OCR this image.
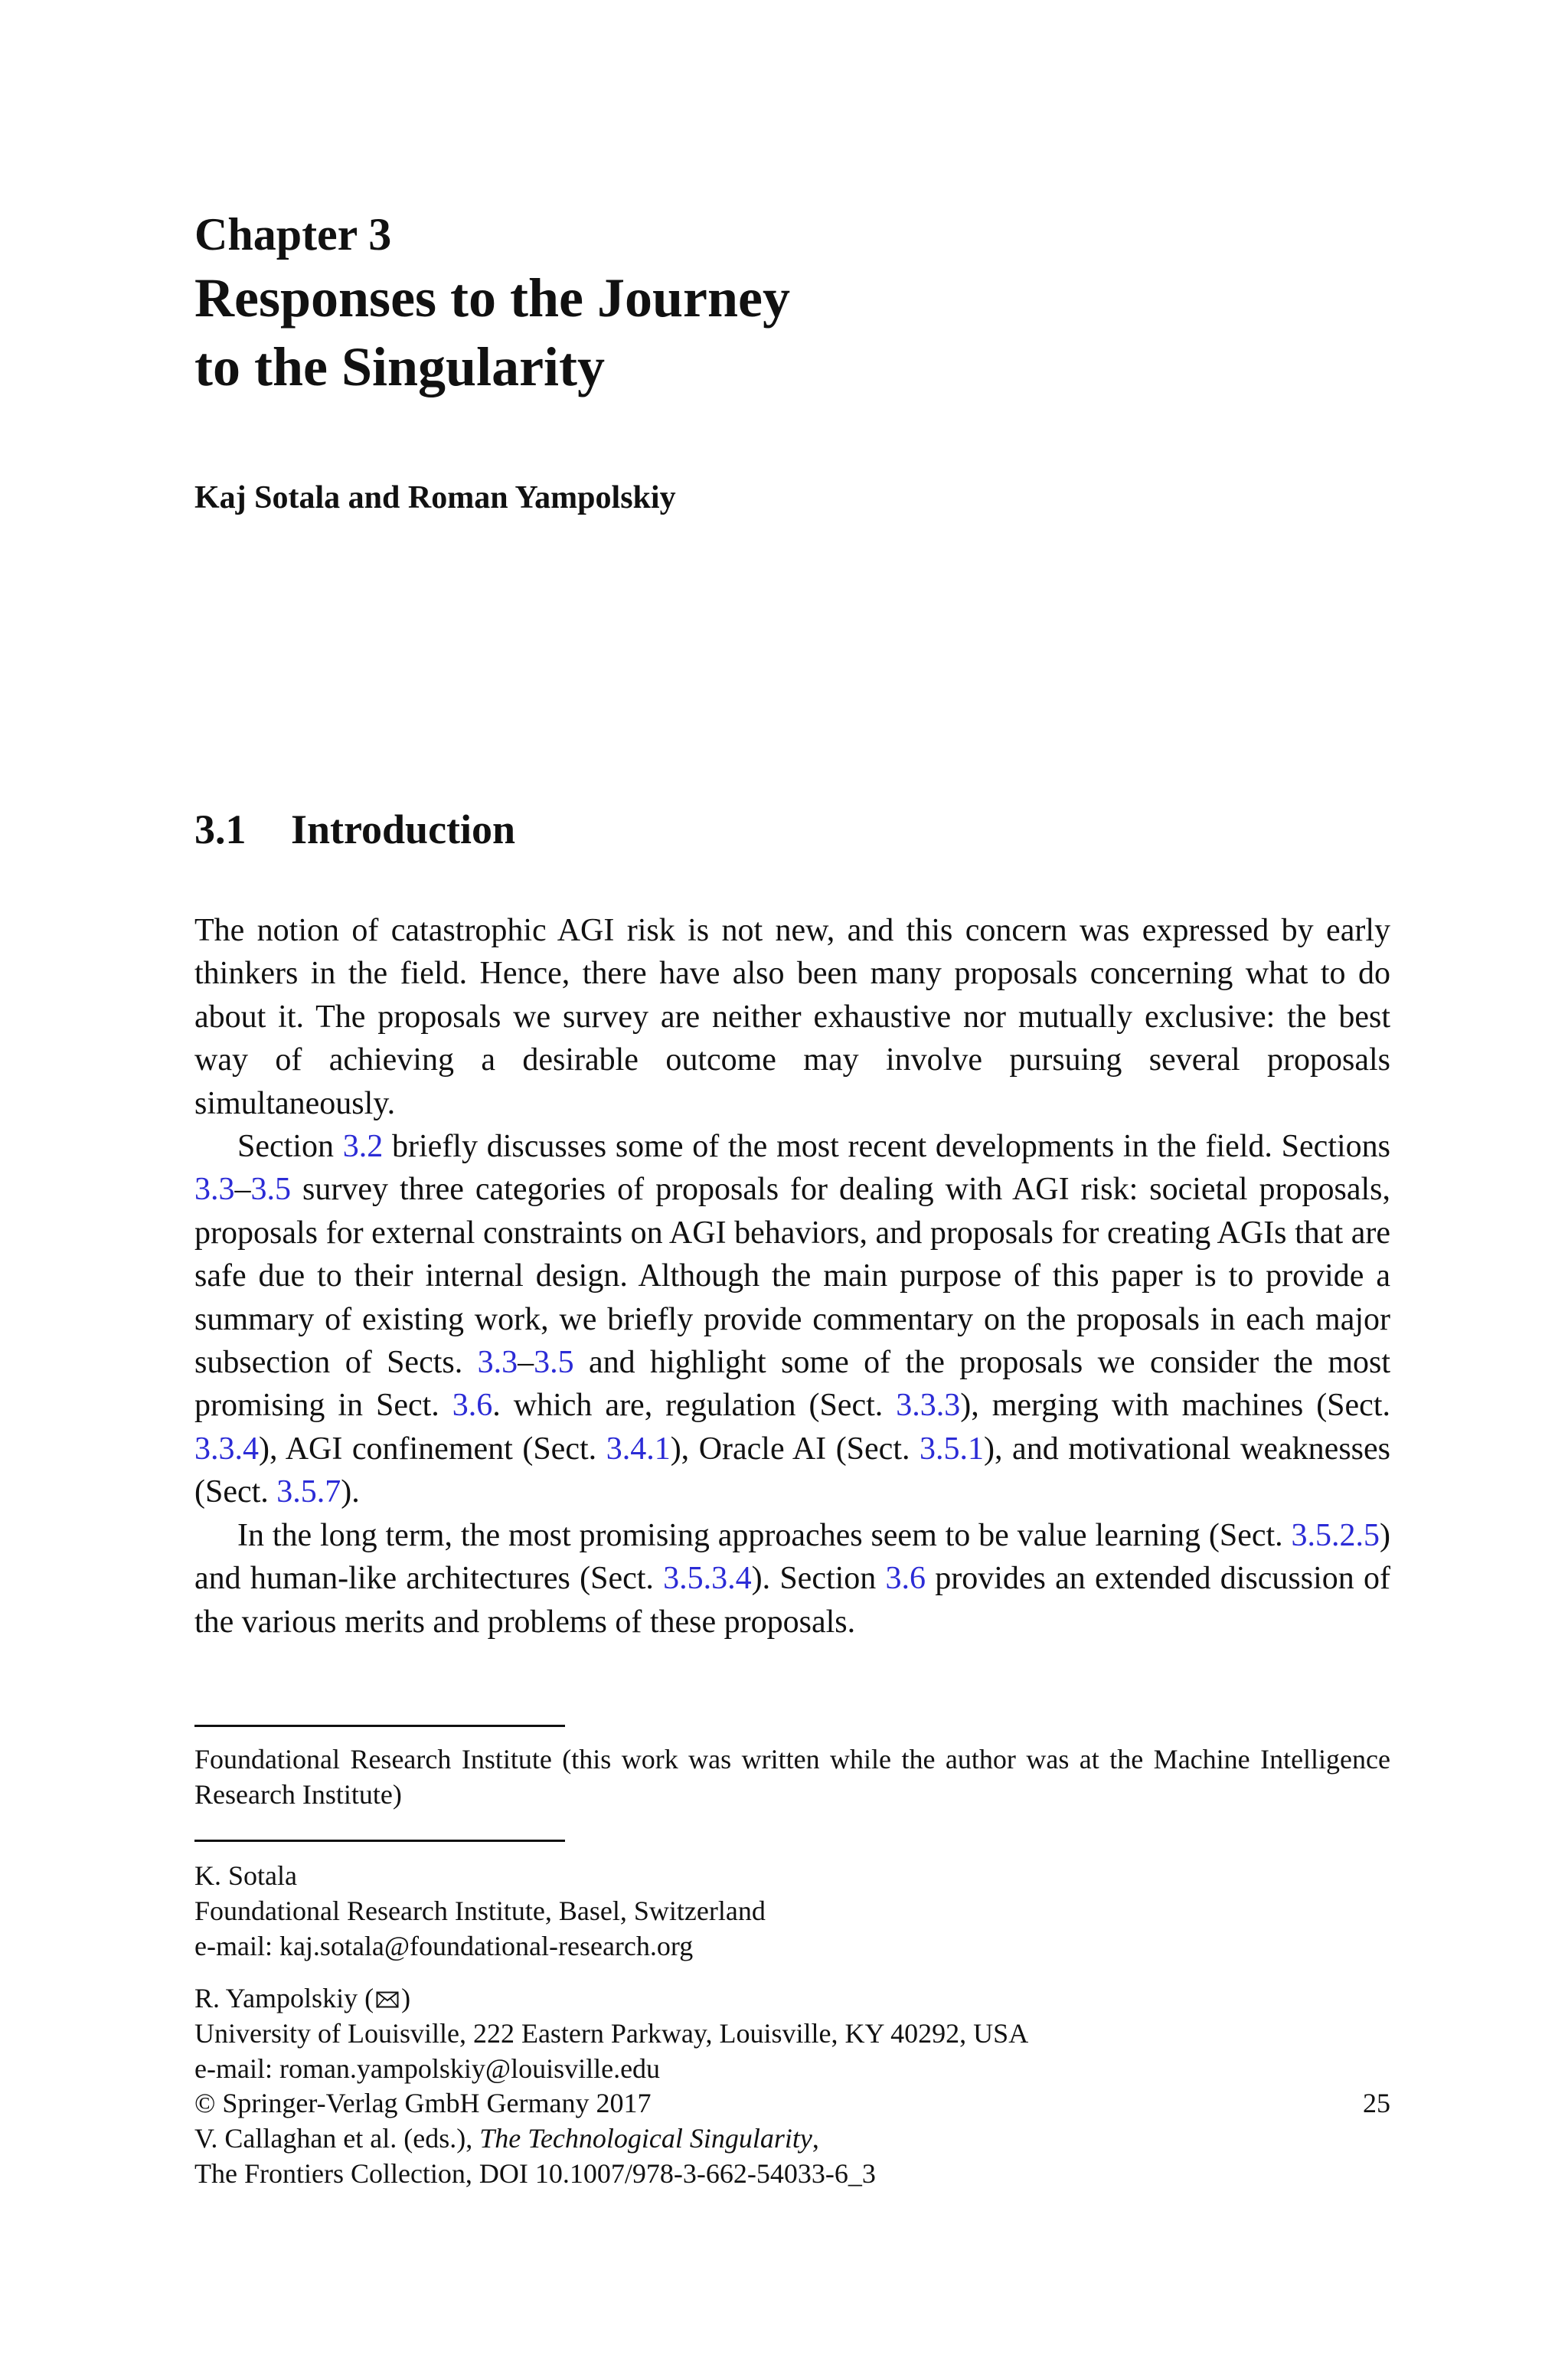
Chapter 3
Responses to the Journey
to the Singularity
Kaj Sotala and Roman Yampolskiy
3.1 Introduction

The notion of catastrophic AGI risk is not new, and this concern was expressed by early thinkers in the field. Hence, there have also been many proposals concerning what to do about it. The proposals we survey are neither exhaustive nor mutually exclusive: the best way of achieving a desirable outcome may involve pursuing several proposals simultaneously.

Section 3.2 briefly discusses some of the most recent developments in the field. Sections 3.3–3.5 survey three categories of proposals for dealing with AGI risk: societal proposals, proposals for external constraints on AGI behaviors, and proposals for creating AGIs that are safe due to their internal design. Although the main purpose of this paper is to provide a summary of existing work, we briefly provide commentary on the proposals in each major subsection of Sects. 3.3–3.5 and highlight some of the proposals we consider the most promising in Sect. 3.6. which are, regulation (Sect. 3.3.3), merging with machines (Sect. 3.3.4), AGI confinement (Sect. 3.4.1), Oracle AI (Sect. 3.5.1), and motivational weaknesses (Sect. 3.5.7).

In the long term, the most promising approaches seem to be value learning (Sect. 3.5.2.5) and human-like architectures (Sect. 3.5.3.4). Section 3.6 provides an extended discussion of the various merits and problems of these proposals.

Foundational Research Institute (this work was written while the author was at the Machine Intelligence Research Institute)
K. Sotala
Foundational Research Institute, Basel, Switzerland
e-mail: kaj.sotala@foundational-research.org
R. Yampolskiy ( )
University of Louisville, 222 Eastern Parkway, Louisville, KY 40292, USA
e-mail: roman.yampolskiy@louisville.edu
© Springer-Verlag GmbH Germany 2017
V. Callaghan et al. (eds.), The Technological Singularity,
The Frontiers Collection, DOI 10.1007/978-3-662-54033-6_3
25
